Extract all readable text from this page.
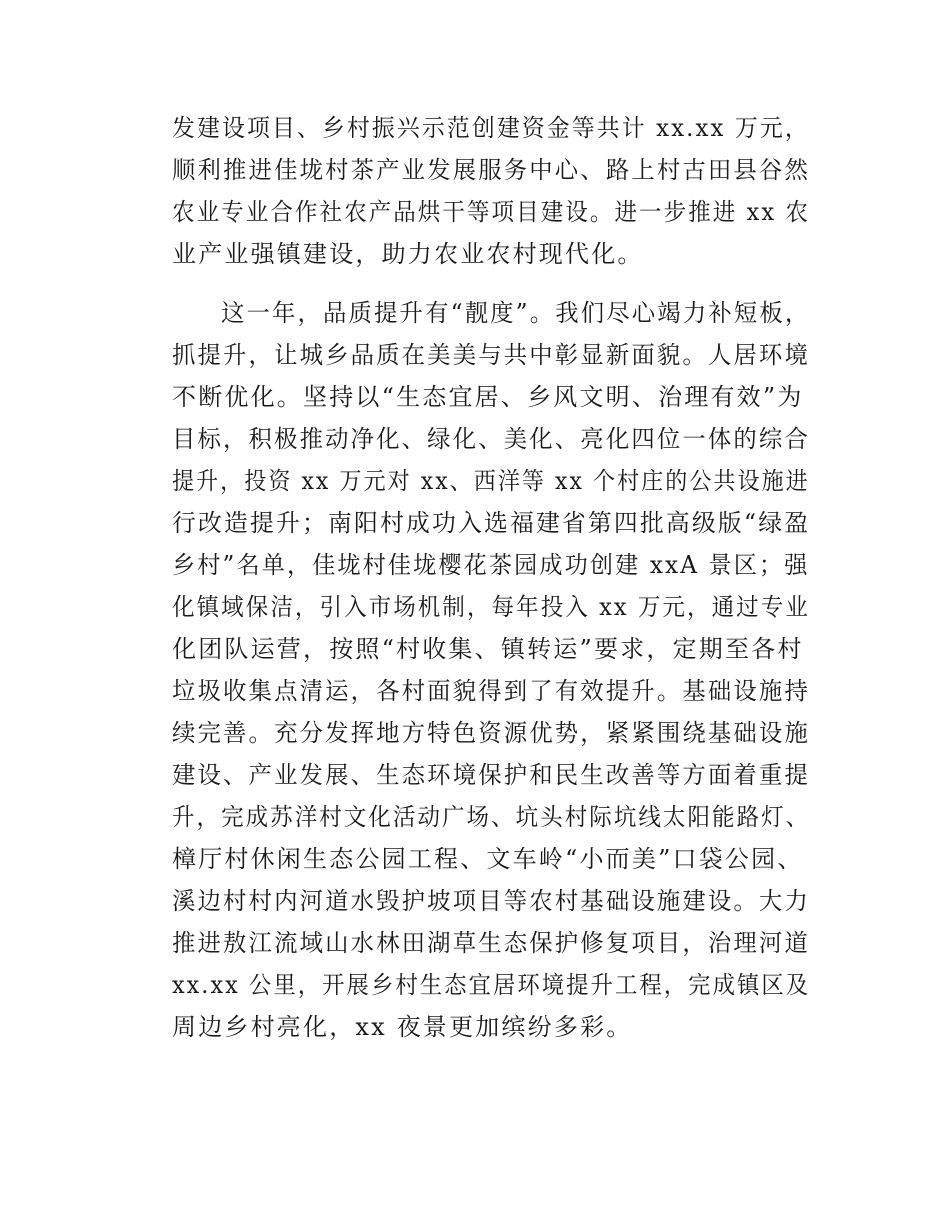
发建设项目、乡村振兴示范创建资金等共计 xx.xx 万元，
顺利推进佳垅村茶产业发展服务中心、路上村古田县谷然
农业专业合作社农产品烘干等项目建设。进一步推进 xx 农
业产业强镇建设，助力农业农村现代化。
这一年，品质提升有“靓度”。我们尽心竭力补短板，
抓提升，让城乡品质在美美与共中彰显新面貌。人居环境
不断优化。坚持以“生态宜居、乡风文明、治理有效”为
目标，积极推动净化、绿化、美化、亮化四位一体的综合
提升，投资 xx 万元对 xx、西洋等 xx 个村庄的公共设施进
行改造提升；南阳村成功入选福建省第四批高级版“绿盈
乡村”名单，佳垅村佳垅樱花茶园成功创建 xxA 景区；强
化镇域保洁，引入市场机制，每年投入 xx 万元，通过专业
化团队运营，按照“村收集、镇转运”要求，定期至各村
垃圾收集点清运，各村面貌得到了有效提升。基础设施持
续完善。充分发挥地方特色资源优势，紧紧围绕基础设施
建设、产业发展、生态环境保护和民生改善等方面着重提
升，完成苏洋村文化活动广场、坑头村际坑线太阳能路灯、
樟厅村休闲生态公园工程、文车岭“小而美”口袋公园、
溪边村村内河道水毁护坡项目等农村基础设施建设。大力
推进敖江流域山水林田湖草生态保护修复项目，治理河道
xx.xx 公里，开展乡村生态宜居环境提升工程，完成镇区及
周边乡村亮化，xx 夜景更加缤纷多彩。
